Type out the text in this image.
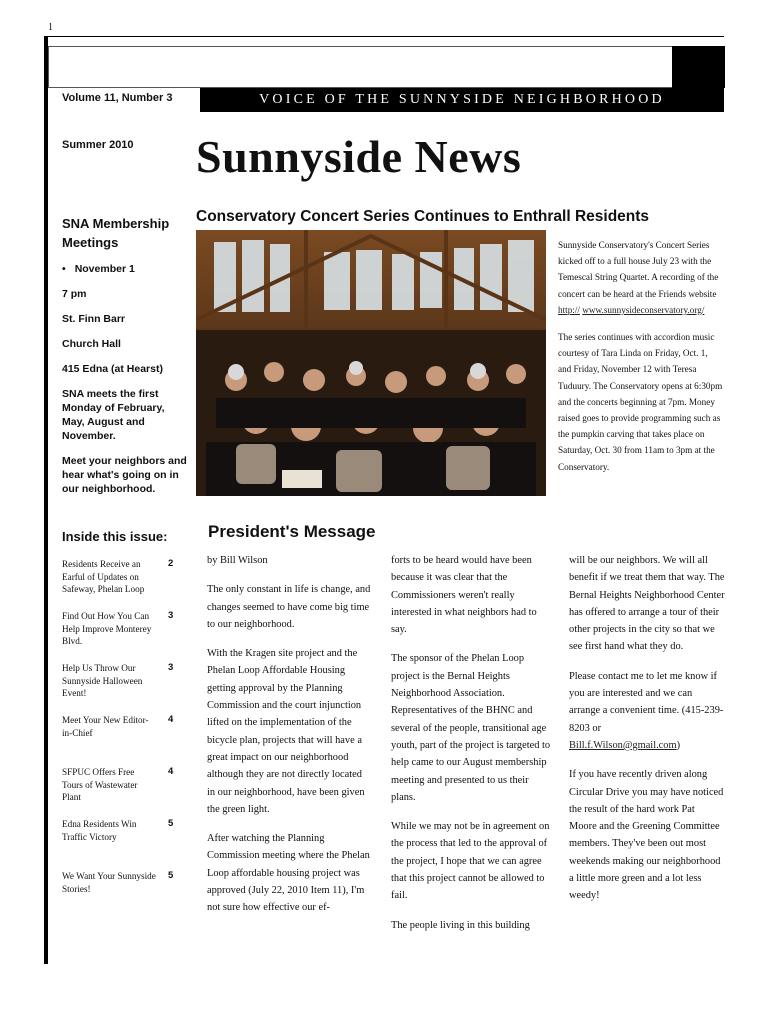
1
Volume 11, Number 3	VOICE OF THE SUNNYSIDE NEIGHBORHOOD
Summer 2010 Sunnyside News
SNA Membership Meetings
• November 1
7 pm
St. Finn Barr
Church Hall
415 Edna (at Hearst)
SNA meets the first Monday of February, May, August and November.
Meet your neighbors and hear what's going on in our neighborhood.
Conservatory Concert Series Continues to Enthrall Residents

Sunnyside Conservatory's Concert Series kicked off to a full house July 23 with the Temescal String Quartet. A recording of the concert can be heard at the Friends website http:// www.sunnysideconservatory.org/

The series continues with accordion music courtesy of Tara Linda on Friday, Oct. 1, and Friday, November 12 with Teresa Tuduury. The Conservatory opens at 6:30pm and the concerts beginning at 7pm. Money raised goes to provide programming such as the pumpkin carving that takes place on Saturday, Oct. 30 from 11am to 3pm at the Conservatory.

Inside this issue:
Residents Receive an Earful of Updates on Safeway, Phelan Loop
2
Find Out How You Can Help Improve Monterey Blvd.
3
Help Us Throw Our Sunnyside Halloween Event!
3
Meet Your New Editor-in-Chief
4
SFPUC Offers Free Tours of Wastewater Plant
4
Edna Residents Win Traffic Victory
5
We Want Your Sunnyside Stories!
5
President's Message

by Bill Wilson

The only constant in life is change, and changes seemed to have come big time to our neighborhood.

With the Kragen site project and the Phelan Loop Affordable Housing getting approval by the Planning Commission and the court injunction lifted on the implementation of the bicycle plan, projects that will have a great impact on our neighborhood although they are not directly located in our neighborhood, have been given the green light.

After watching the Planning Commission meeting where the Phelan Loop affordable housing project was approved (July 22, 2010 Item 11), I'm not sure how effective our ef-

forts to be heard would have been because it was clear that the Commissioners weren't really interested in what neighbors had to say.

The sponsor of the Phelan Loop project is the Bernal Heights Neighborhood Association. Representatives of the BHNC and several of the people, transitional age youth, part of the project is targeted to help came to our August membership meeting and presented to us their plans.

While we may not be in agreement on the process that led to the approval of the project, I hope that we can agree that this project cannot be allowed to fail.

The people living in this building

will be our neighbors. We will all benefit if we treat them that way. The Bernal Heights Neighborhood Center has offered to arrange a tour of their other projects in the city so that we see first hand what they do.

Please contact me to let me know if you are interested and we can arrange a convenient time. (415-239-8203 or
Bill.f.Wilson@gmail.com)

If you have recently driven along Circular Drive you may have noticed the result of the hard work Pat Moore and the Greening Committee members. They've been out most weekends making our neighborhood a little more green and a lot less weedy!
